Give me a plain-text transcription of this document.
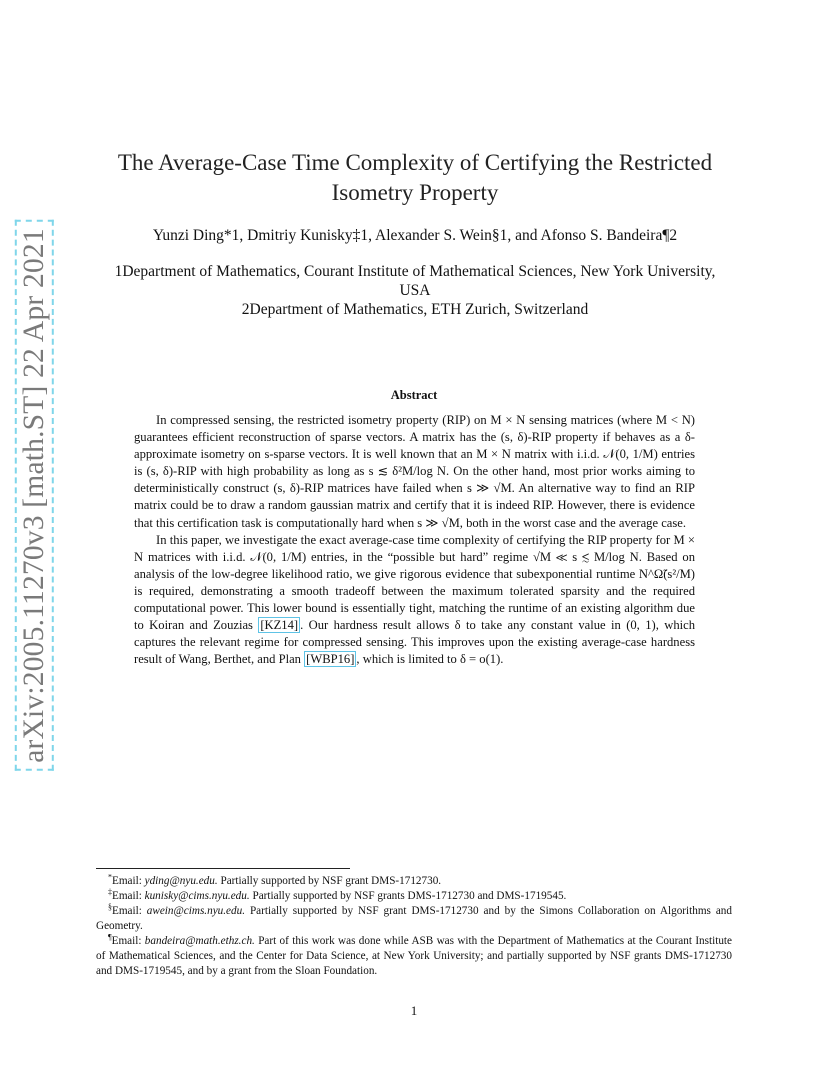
arXiv:2005.11270v3 [math.ST] 22 Apr 2021
The Average-Case Time Complexity of Certifying the Restricted Isometry Property
Yunzi Ding*1, Dmitriy Kunisky‡1, Alexander S. Wein§1, and Afonso S. Bandeira¶2
1Department of Mathematics, Courant Institute of Mathematical Sciences, New York University, USA
2Department of Mathematics, ETH Zurich, Switzerland
Abstract

In compressed sensing, the restricted isometry property (RIP) on M × N sensing matrices (where M < N) guarantees efficient reconstruction of sparse vectors. A matrix has the (s, δ)-RIP property if behaves as a δ-approximate isometry on s-sparse vectors. It is well known that an M × N matrix with i.i.d. 𝒩(0, 1/M) entries is (s, δ)-RIP with high probability as long as s ≲ δ²M/log N. On the other hand, most prior works aiming to deterministically construct (s, δ)-RIP matrices have failed when s ≫ √M. An alternative way to find an RIP matrix could be to draw a random gaussian matrix and certify that it is indeed RIP. However, there is evidence that this certification task is computationally hard when s ≫ √M, both in the worst case and the average case.

In this paper, we investigate the exact average-case time complexity of certifying the RIP property for M × N matrices with i.i.d. 𝒩(0, 1/M) entries, in the “possible but hard” regime √M ≪ s ≲ M/log N. Based on analysis of the low-degree likelihood ratio, we give rigorous evidence that subexponential runtime N^Ω̃(s²/M) is required, demonstrating a smooth tradeoff between the maximum tolerated sparsity and the required computational power. This lower bound is essentially tight, matching the runtime of an existing algorithm due to Koiran and Zouzias [KZ14] . Our hardness result allows δ to take any constant value in (0, 1), which captures the relevant regime for compressed sensing. This improves upon the existing average-case hardness result of Wang, Berthet, and Plan [WBP16] , which is limited to δ = o(1).

*Email: yding@nyu.edu. Partially supported by NSF grant DMS-1712730.

‡Email: kunisky@cims.nyu.edu. Partially supported by NSF grants DMS-1712730 and DMS-1719545.

§Email: awein@cims.nyu.edu. Partially supported by NSF grant DMS-1712730 and by the Simons Collaboration on Algorithms and Geometry.

¶Email: bandeira@math.ethz.ch. Part of this work was done while ASB was with the Department of Mathematics at the Courant Institute of Mathematical Sciences, and the Center for Data Science, at New York University; and partially supported by NSF grants DMS-1712730 and DMS-1719545, and by a grant from the Sloan Foundation.

1
